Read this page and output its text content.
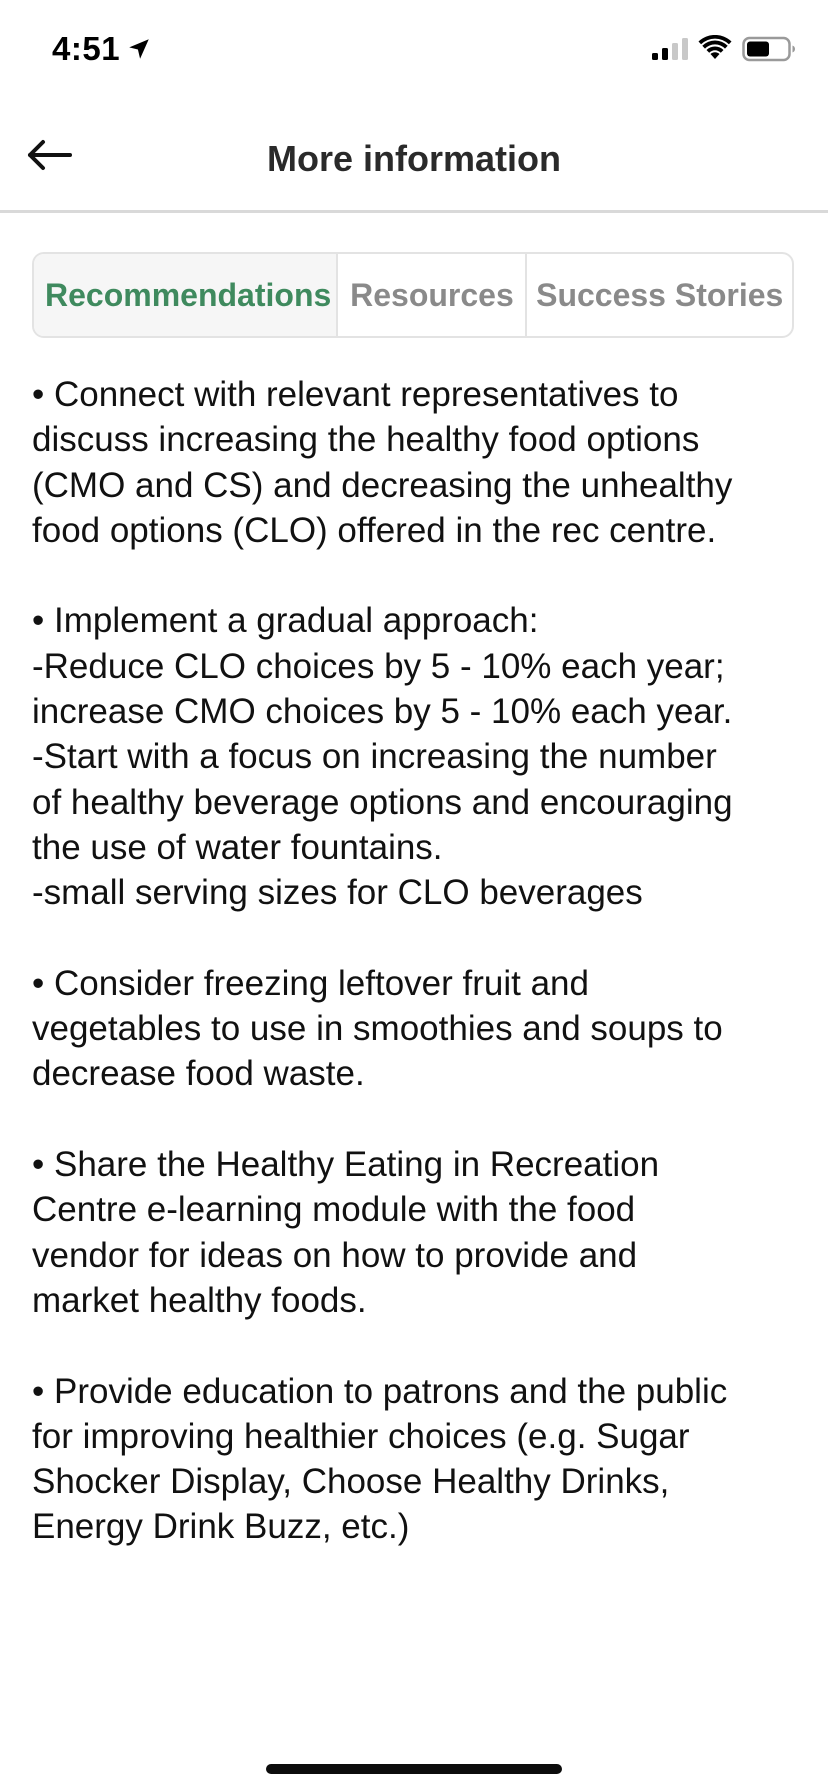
4:51
More information
Recommendations Resources Success Stories
• Connect with relevant representatives to
discuss increasing the healthy food options
(CMO and CS) and decreasing the unhealthy
food options (CLO) offered in the rec centre.
• Implement a gradual approach:
-Reduce CLO choices by 5 - 10% each year;
increase CMO choices by 5 - 10% each year.
-Start with a focus on increasing the number
of healthy beverage options and encouraging
the use of water fountains.
-small serving sizes for CLO beverages
• Consider freezing leftover fruit and
vegetables to use in smoothies and soups to
decrease food waste.
• Share the Healthy Eating in Recreation
Centre e-learning module with the food
vendor for ideas on how to provide and
market healthy foods.
• Provide education to patrons and the public
for improving healthier choices (e.g. Sugar
Shocker Display, Choose Healthy Drinks,
Energy Drink Buzz, etc.)
